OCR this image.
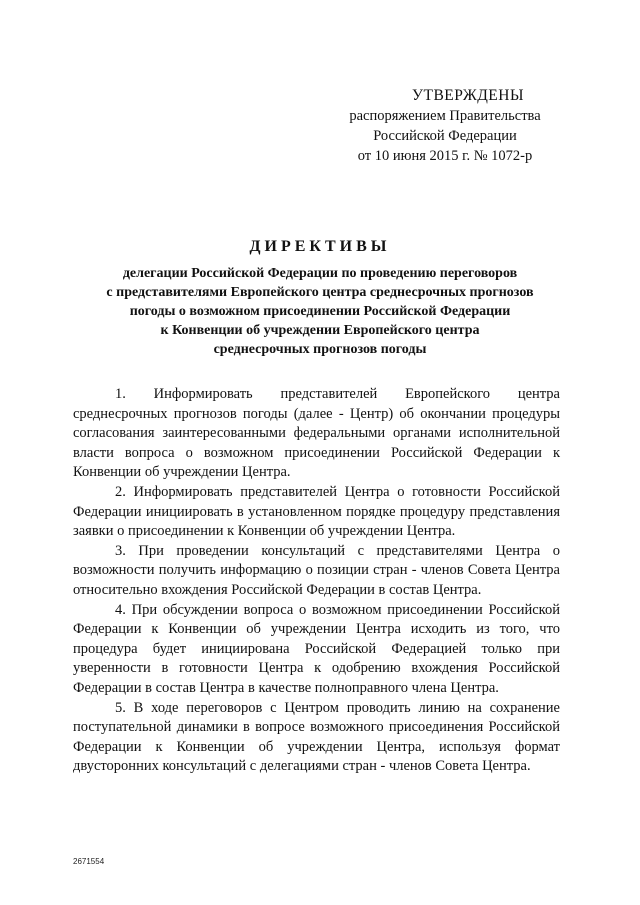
УТВЕРЖДЕНЫ
распоряжением Правительства
Российской Федерации
от 10 июня 2015 г. № 1072-р
ДИРЕКТИВЫ
делегации Российской Федерации по проведению переговоров
с представителями Европейского центра среднесрочных прогнозов
погоды о возможном присоединении Российской Федерации
к Конвенции об учреждении Европейского центра
среднесрочных прогнозов погоды

1. Информировать представителей Европейского центра среднесрочных прогнозов погоды (далее - Центр) об окончании процедуры согласования заинтересованными федеральными органами исполнительной власти вопроса о возможном присоединении Российской Федерации к Конвенции об учреждении Центра.

2. Информировать представителей Центра о готовности Российской Федерации инициировать в установленном порядке процедуру представления заявки о присоединении к Конвенции об учреждении Центра.

3. При проведении консультаций с представителями Центра о возможности получить информацию о позиции стран - членов Совета Центра относительно вхождения Российской Федерации в состав Центра.

4. При обсуждении вопроса о возможном присоединении Российской Федерации к Конвенции об учреждении Центра исходить из того, что процедура будет инициирована Российской Федерацией только при уверенности в готовности Центра к одобрению вхождения Российской Федерации в состав Центра в качестве полноправного члена Центра.

5. В ходе переговоров с Центром проводить линию на сохранение поступательной динамики в вопросе возможного присоединения Российской Федерации к Конвенции об учреждении Центра, используя формат двусторонних консультаций с делегациями стран - членов Совета Центра.

2671554
